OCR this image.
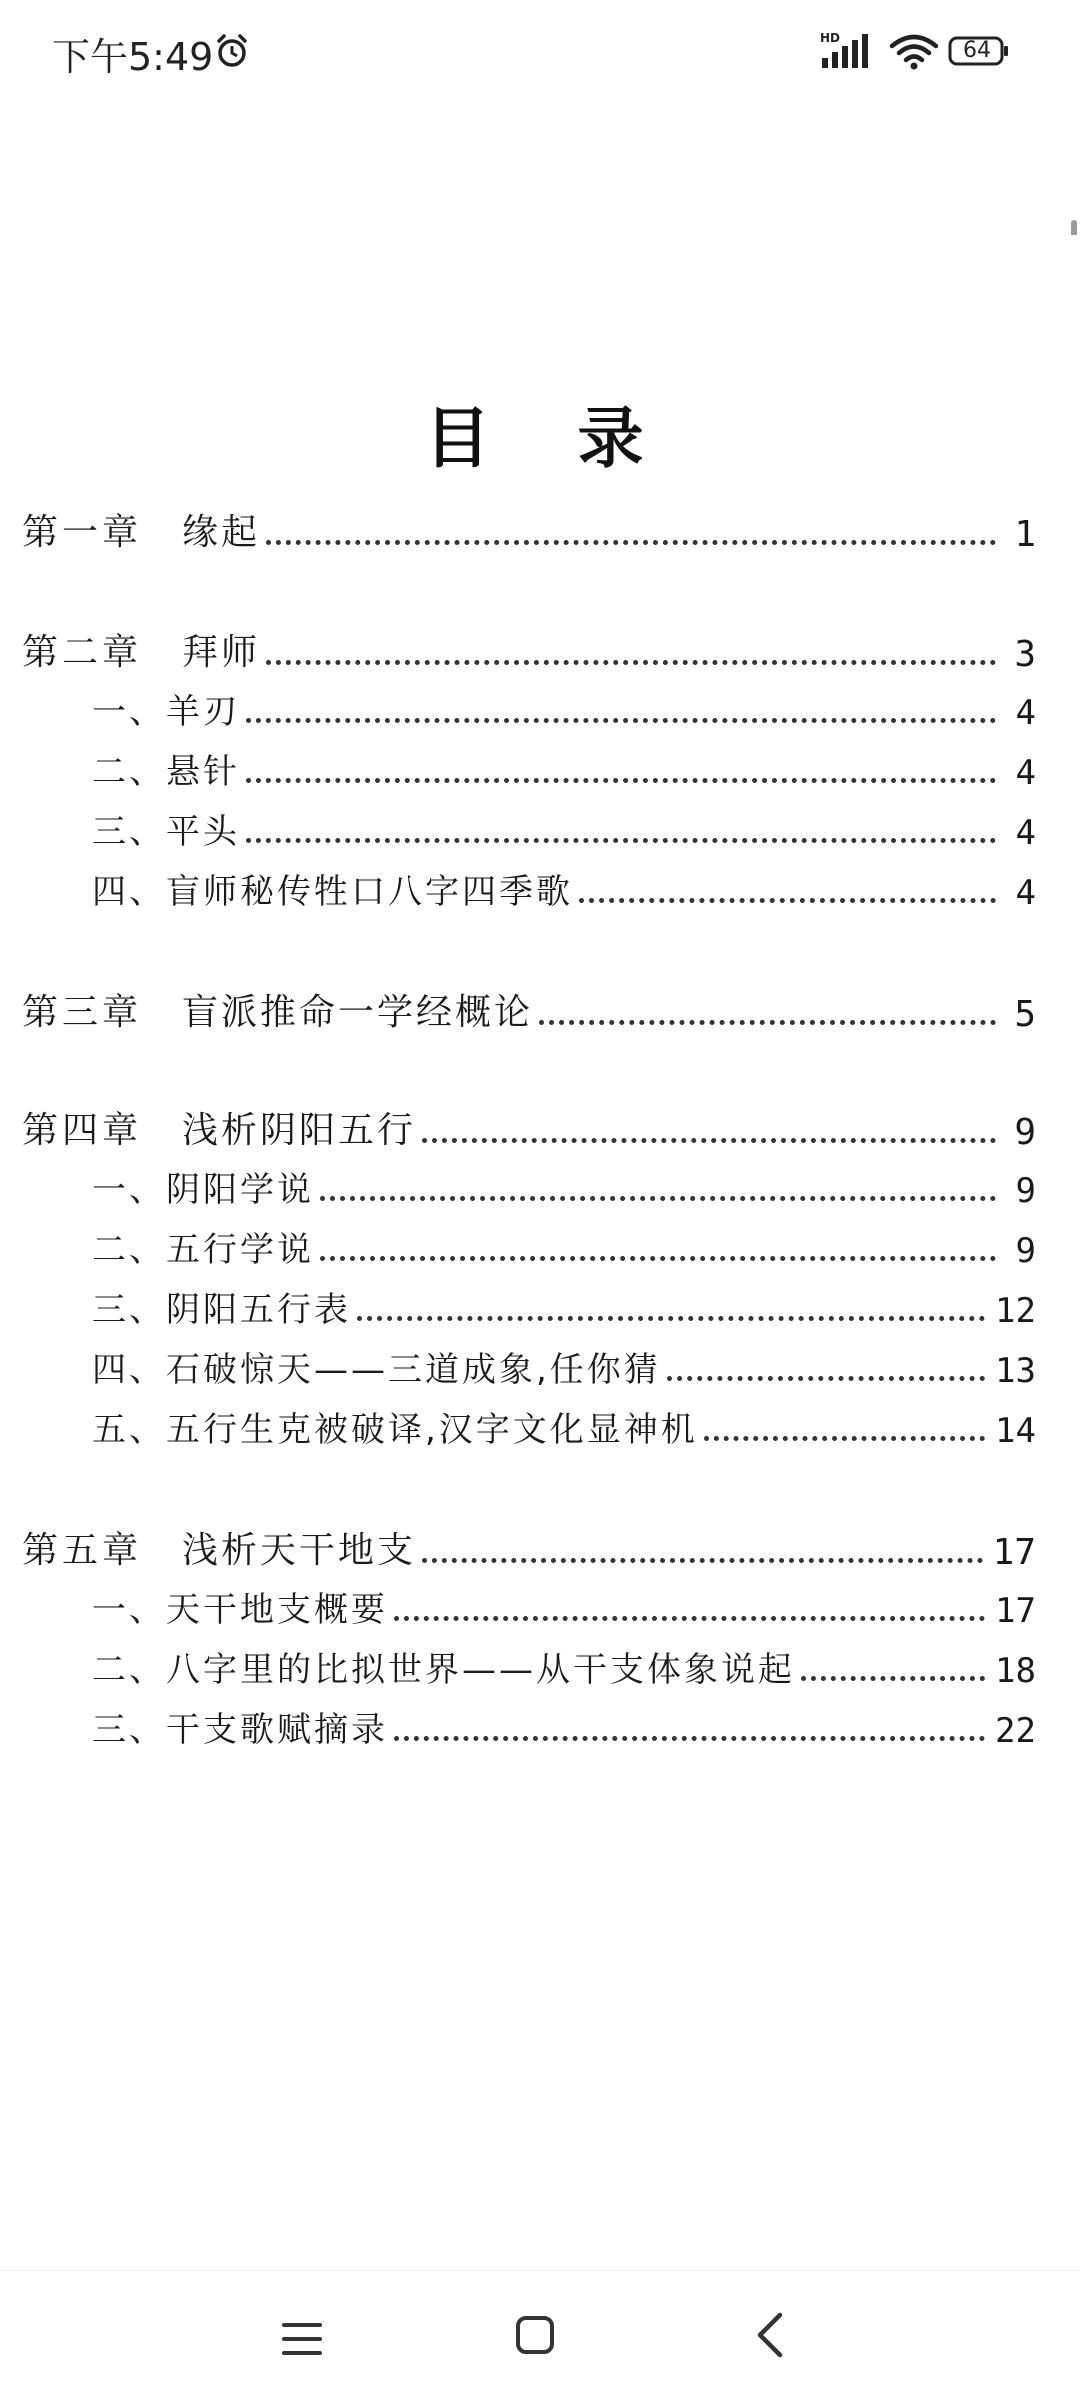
下午5:49	HD	64
目 录
第一章 缘起	1
第二章 拜师	3
一、羊刃	4
二、悬针	4
三、平头	4
四、盲师秘传牲口八字四季歌	4
第三章 盲派推命一学经概论	5
第四章 浅析阴阳五行	9
一、阴阳学说	9
二、五行学说	9
三、阴阳五行表	12
四、石破惊天——三道成象,任你猜	13
五、五行生克被破译,汉字文化显神机	14
第五章 浅析天干地支	17
一、天干地支概要	17
二、八字里的比拟世界——从干支体象说起	18
三、干支歌赋摘录	22
